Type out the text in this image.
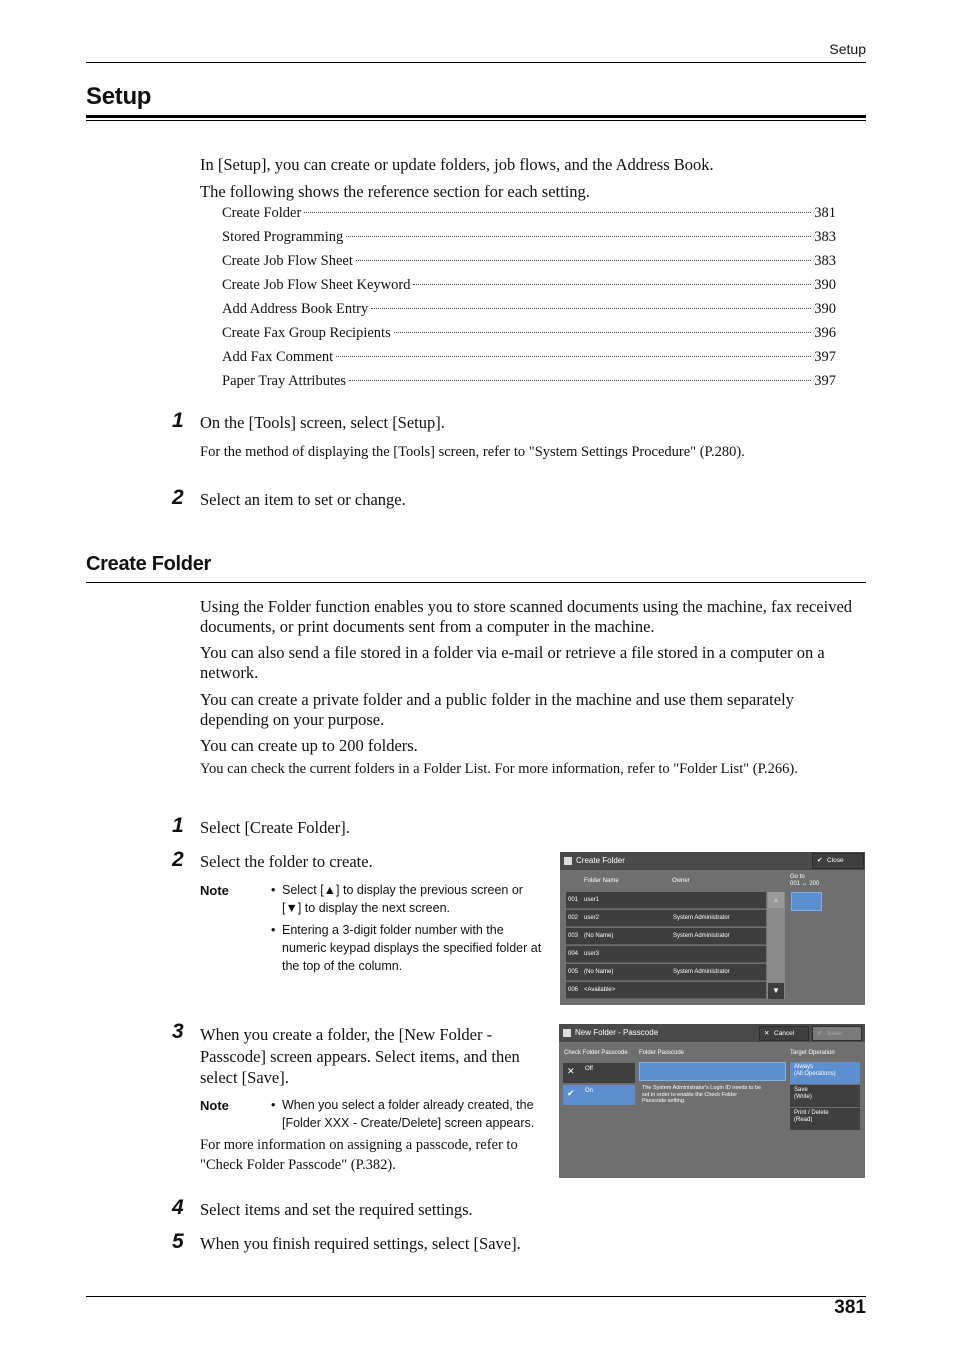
Setup
Setup
In [Setup], you can create or update folders, job flows, and the Address Book.
The following shows the reference section for each setting.
Create Folder	381
Stored Programming	383
Create Job Flow Sheet	383
Create Job Flow Sheet Keyword	390
Add Address Book Entry	390
Create Fax Group Recipients	396
Add Fax Comment	397
Paper Tray Attributes	397
1 On the [Tools] screen, select [Setup].
For the method of displaying the [Tools] screen, refer to "System Settings Procedure" (P.280).
2 Select an item to set or change.
Create Folder
Using the Folder function enables you to store scanned documents using the machine, fax received documents, or print documents sent from a computer in the machine.
You can also send a file stored in a folder via e-mail or retrieve a file stored in a computer on a network.
You can create a private folder and a public folder in the machine and use them separately depending on your purpose.
You can create up to 200 folders.
You can check the current folders in a Folder List. For more information, refer to "Folder List" (P.266).
1 Select [Create Folder].
2 Select the folder to create.
Note	• Select [▲] to display the previous screen or [▼] to display the next screen.
• Entering a 3-digit folder number with the numeric keypad displays the specified folder at the top of the column.
Create Folder	✔ Close
Folder Name	Owner
Go to
001 ↔ 200
001 user1
002 user2	System Administrator
003 (No Name)	System Administrator
004 user3
005 (No Name)	System Administrator
006 <Available>
▲
▼
3 When you create a folder, the [New Folder - Passcode] screen appears. Select items, and then select [Save].
Note	• When you select a folder already created, the [Folder XXX - Create/Delete] screen appears.
For more information on assigning a passcode, refer to "Check Folder Passcode" (P.382).
New Folder - Passcode	✕ Cancel	✔ Save
Check Folder Passcode Folder Passcode	Target Operation
✕ Off
✔ On	The System Administrator's Login ID needs to be set in order to enable the Check Folder Passcode setting.
Always
(All Operations)
Save
(Write)
Print / Delete
(Read)
4 Select items and set the required settings.
5 When you finish required settings, select [Save].
381
